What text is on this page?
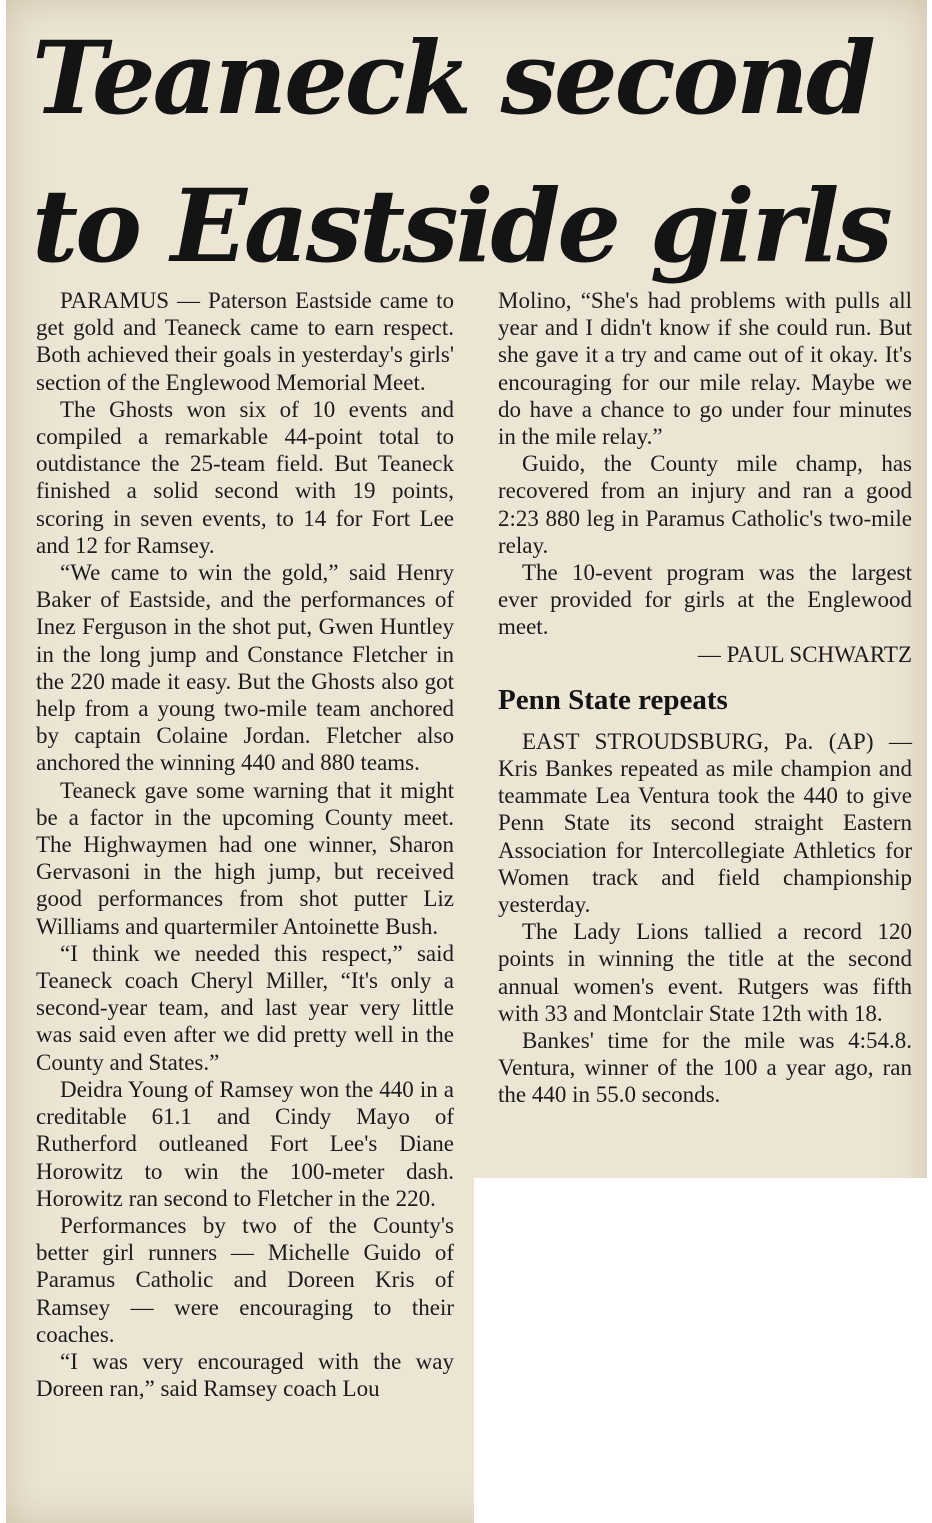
Teaneck second to Eastside girls

PARAMUS — Paterson Eastside came to get gold and Teaneck came to earn respect. Both achieved their goals in yesterday's girls' section of the Englewood Memorial Meet.

The Ghosts won six of 10 events and compiled a remarkable 44-point total to outdistance the 25-team field. But Teaneck finished a solid second with 19 points, scoring in seven events, to 14 for Fort Lee and 12 for Ramsey.

“We came to win the gold,” said Henry Baker of Eastside, and the performances of Inez Ferguson in the shot put, Gwen Huntley in the long jump and Constance Fletcher in the 220 made it easy. But the Ghosts also got help from a young two-mile team anchored by captain Colaine Jordan. Fletcher also anchored the winning 440 and 880 teams.

Teaneck gave some warning that it might be a factor in the upcoming County meet. The Highwaymen had one winner, Sharon Gervasoni in the high jump, but received good performances from shot putter Liz Williams and quartermiler Antoinette Bush.

“I think we needed this respect,” said Teaneck coach Cheryl Miller, “It's only a second-year team, and last year very little was said even after we did pretty well in the County and States.”

Deidra Young of Ramsey won the 440 in a creditable 61.1 and Cindy Mayo of Rutherford outleaned Fort Lee's Diane Horowitz to win the 100-meter dash. Horowitz ran second to Fletcher in the 220.

Performances by two of the County's better girl runners — Michelle Guido of Paramus Catholic and Doreen Kris of Ramsey — were encouraging to their coaches.

“I was very encouraged with the way Doreen ran,” said Ramsey coach Lou

Molino, “She's had problems with pulls all year and I didn't know if she could run. But she gave it a try and came out of it okay. It's encouraging for our mile relay. Maybe we do have a chance to go under four minutes in the mile relay.”

Guido, the County mile champ, has recovered from an injury and ran a good 2:23 880 leg in Paramus Catholic's two-mile relay.

The 10-event program was the largest ever provided for girls at the Englewood meet.

— PAUL SCHWARTZ

Penn State repeats

EAST STROUDSBURG, Pa. (AP) — Kris Bankes repeated as mile champion and teammate Lea Ventura took the 440 to give Penn State its second straight Eastern Association for Intercollegiate Athletics for Women track and field championship yesterday.

The Lady Lions tallied a record 120 points in winning the title at the second annual women's event. Rutgers was fifth with 33 and Montclair State 12th with 18.

Bankes' time for the mile was 4:54.8. Ventura, winner of the 100 a year ago, ran the 440 in 55.0 seconds.
